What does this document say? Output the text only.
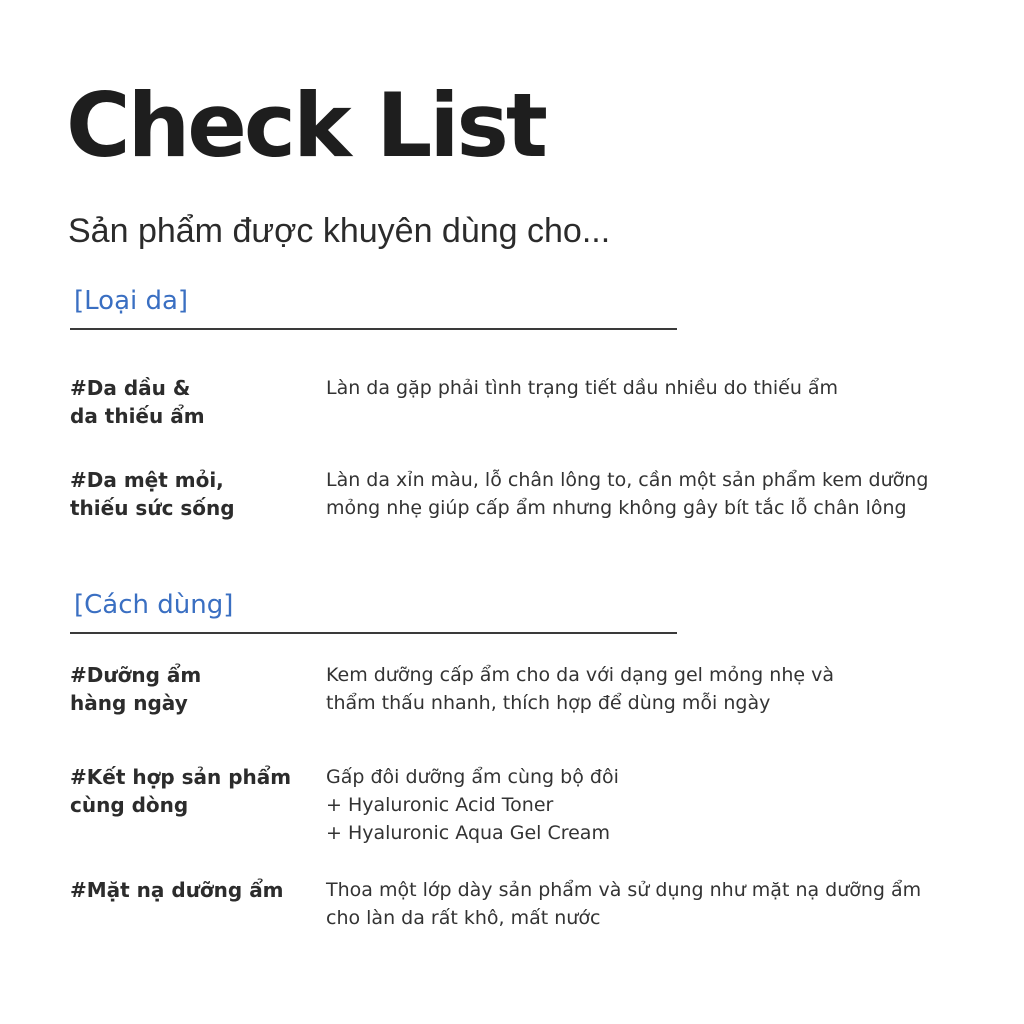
Check List

Sản phẩm được khuyên dùng cho...

[Loại da]
#Da dầu &
da thiếu ẩm
Làn da gặp phải tình trạng tiết dầu nhiều do thiếu ẩm
#Da mệt mỏi,
thiếu sức sống
Làn da xỉn màu, lỗ chân lông to, cần một sản phẩm kem dưỡng
mỏng nhẹ giúp cấp ẩm nhưng không gây bít tắc lỗ chân lông
[Cách dùng]
#Dưỡng ẩm
hàng ngày
Kem dưỡng cấp ẩm cho da với dạng gel mỏng nhẹ và
thẩm thấu nhanh, thích hợp để dùng mỗi ngày
#Kết hợp sản phẩm
cùng dòng
Gấp đôi dưỡng ẩm cùng bộ đôi
+ Hyaluronic Acid Toner
+ Hyaluronic Aqua Gel Cream
#Mặt nạ dưỡng ẩm	Thoa một lớp dày sản phẩm và sử dụng như mặt nạ dưỡng ẩm
cho làn da rất khô, mất nước
